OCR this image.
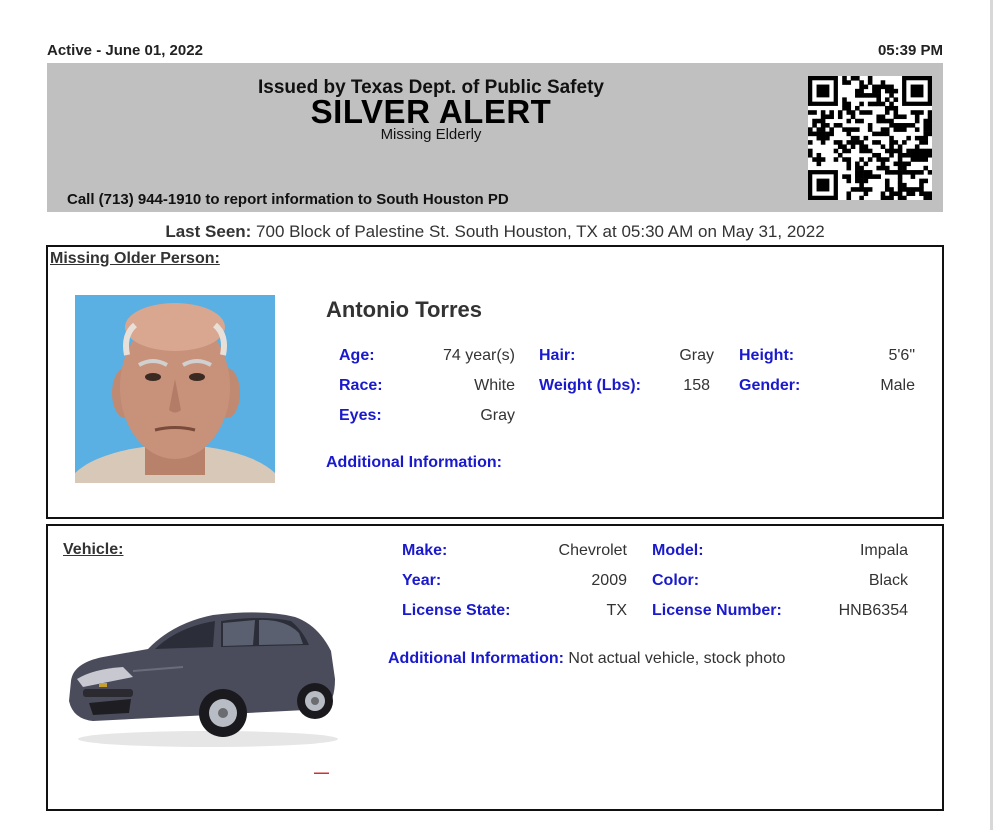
Active - June 01, 2022	05:39 PM
Issued by Texas Dept. of Public Safety
SILVER ALERT
Missing Elderly
Call (713) 944-1910 to report information to South Houston PD
Last Seen: 700 Block of Palestine St. South Houston, TX at 05:30 AM on May 31, 2022
Missing Older Person:
Antonio Torres
Age:	74 year(s) Hair:	Gray Height:	5'6"
Race:	White Weight (Lbs):	158 Gender:	Male
Eyes:	Gray
Additional Information:
Vehicle:
▬▬▬
Make:	Chevrolet Model:	Impala
Year:	2009 Color:	Black
License State:	TX License Number:	HNB6354
Additional Information: Not actual vehicle, stock photo
